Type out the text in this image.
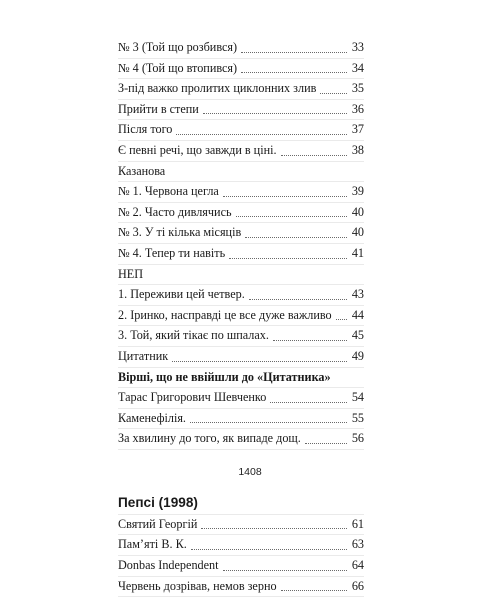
№ 3 (Той що розбився)	33
№ 4 (Той що втопився)	34
З-під важко пролитих циклонних злив	35
Прийти в степи	36
Після того	37
Є певні речі, що завжди в ціні.	38
Казанова
№ 1. Червона цегла	39
№ 2. Часто дивлячись	40
№ 3. У ті кілька місяців	40
№ 4. Тепер ти навіть	41
НЕП
1. Переживи цей четвер.	43
2. Іринко, насправді це все дуже важливо 44
3. Той, який тікає по шпалах.	45
Цитатник	49
Вірші, що не ввійшли до «Цитатника»
Тарас Григорович Шевченко	54
Каменефілія.	55
За хвилину до того, як випаде дощ.	56
Пепсі (1998)
Святий Георгій	61
Пам’яті В. К.	63
Donbas Independent	64
Червень дозрівав, немов зерно	66
1408
